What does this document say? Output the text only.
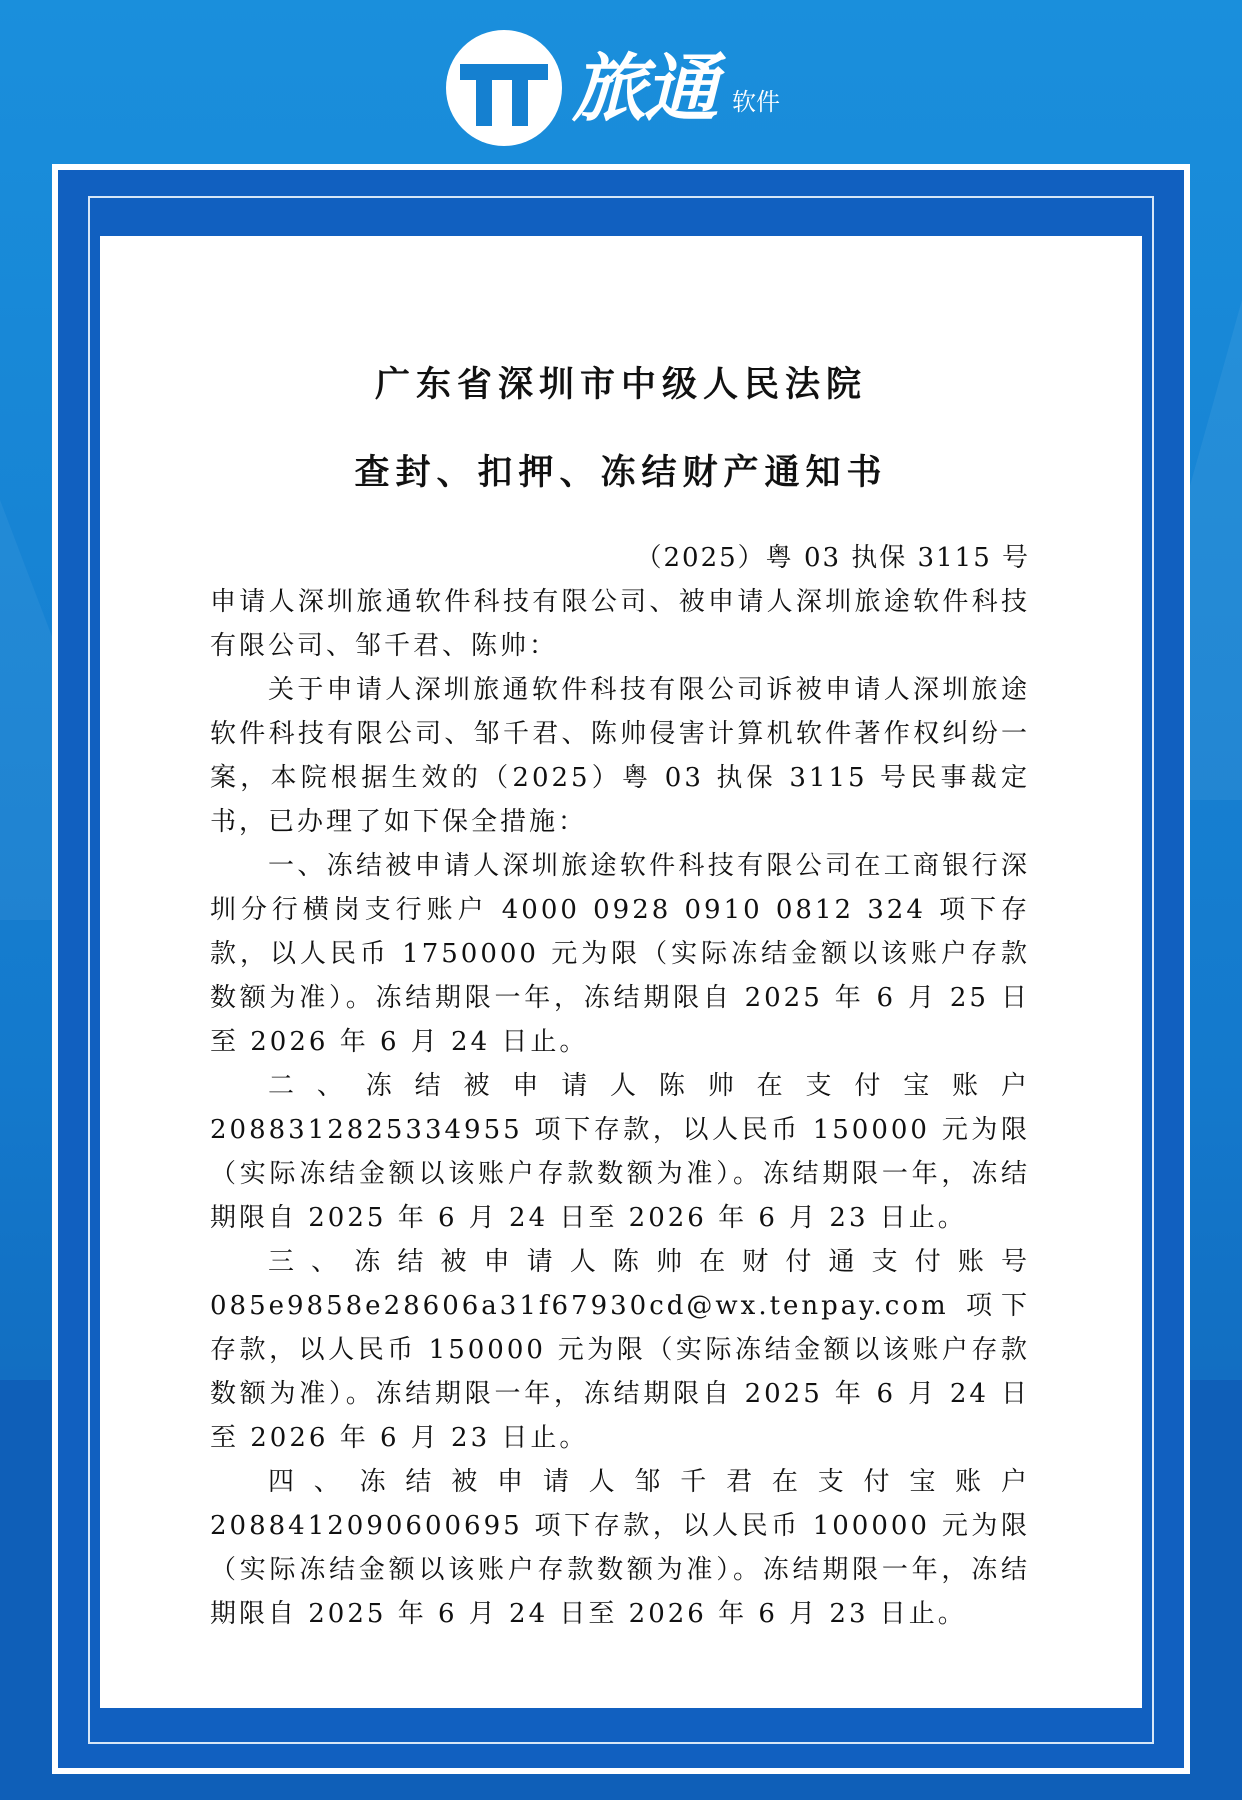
旅通 软件
广东省深圳市中级人民法院
查封、扣押、冻结财产通知书
（2025）粤 03 执保 3115 号

申请人深圳旅通软件科技有限公司、被申请人深圳旅途软件科技有限公司、邹千君、陈帅：

关于申请人深圳旅通软件科技有限公司诉被申请人深圳旅途软件科技有限公司、邹千君、陈帅侵害计算机软件著作权纠纷一案，本院根据生效的（2025）粤 03 执保 3115 号民事裁定书，已办理了如下保全措施：

一、冻结被申请人深圳旅途软件科技有限公司在工商银行深圳分行横岗支行账户 4000 0928 0910 0812 324 项下存款，以人民币 1750000 元为限（实际冻结金额以该账户存款数额为准）。冻结期限一年，冻结期限自 2025 年 6 月 25 日至 2026 年 6 月 24 日止。

二、冻结被申请人陈帅在支付宝账户 2088312825334955 项下存款，以人民币 150000 元为限（实际冻结金额以该账户存款数额为准）。冻结期限一年，冻结期限自 2025 年 6 月 24 日至 2026 年 6 月 23 日止。

三、冻结被申请人陈帅在财付通支付账号 085e9858e28606a31f67930cd@wx.tenpay.com 项下存款，以人民币 150000 元为限（实际冻结金额以该账户存款数额为准）。冻结期限一年，冻结期限自 2025 年 6 月 24 日至 2026 年 6 月 23 日止。

四、冻结被申请人邹千君在支付宝账户 2088412090600695 项下存款，以人民币 100000 元为限（实际冻结金额以该账户存款数额为准）。冻结期限一年，冻结期限自 2025 年 6 月 24 日至 2026 年 6 月 23 日止。
